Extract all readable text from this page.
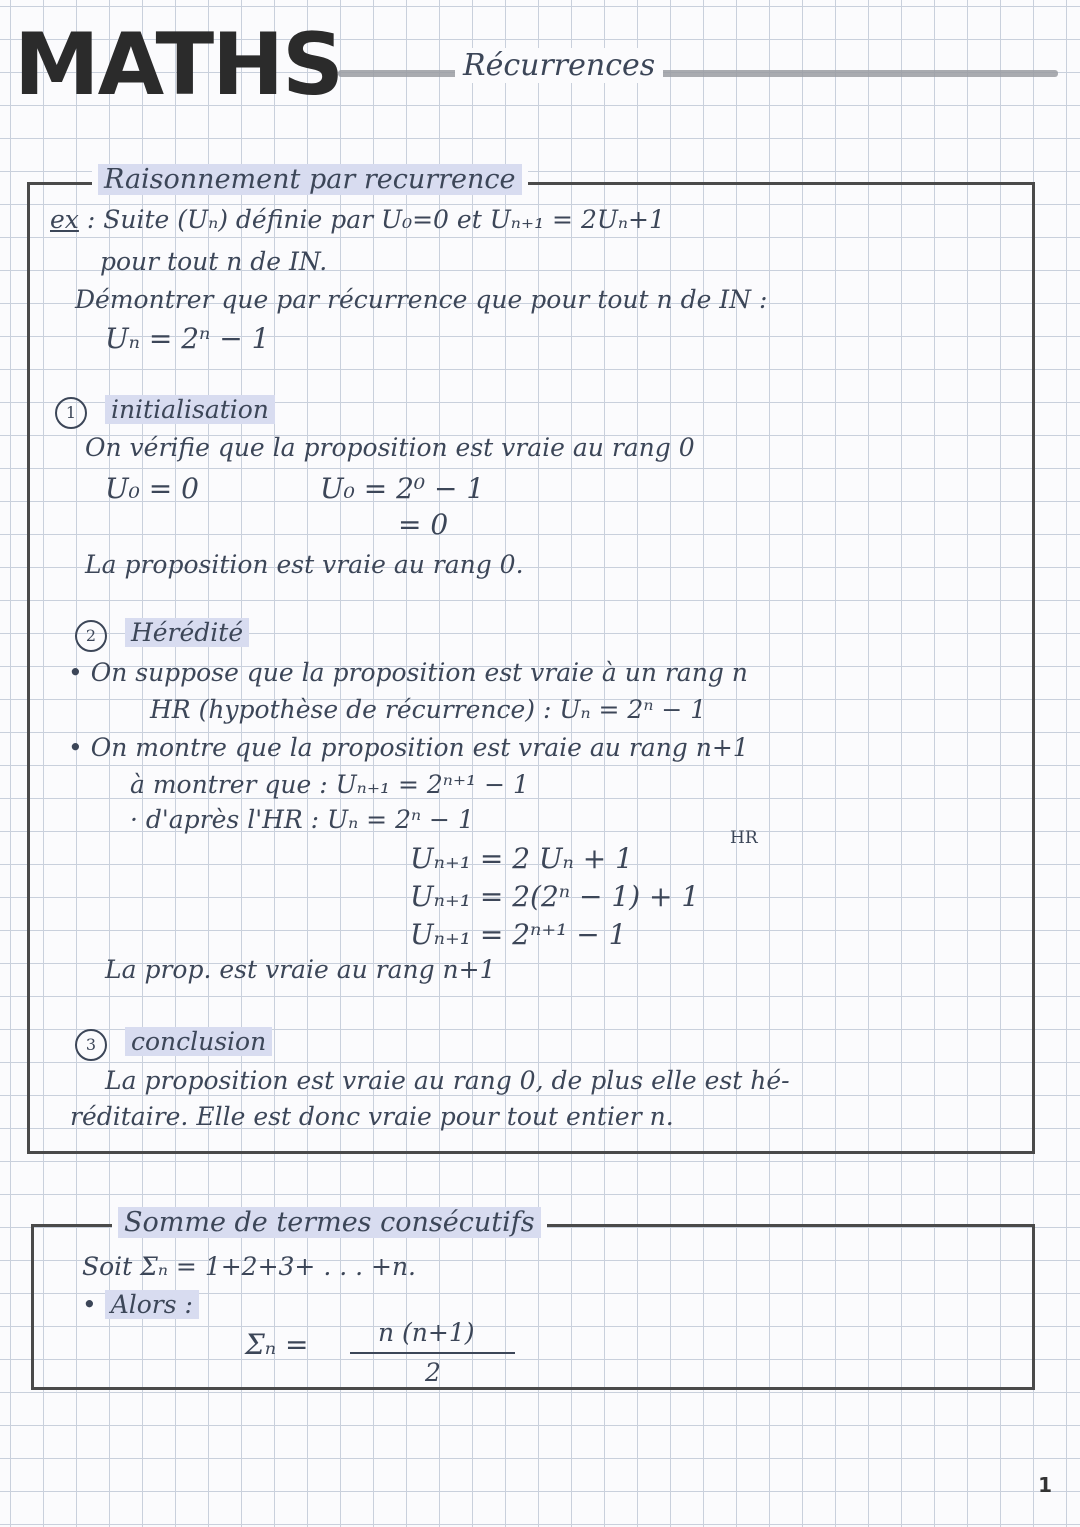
MATHS	Récurrences
Raisonnement par recurrence
ex : Suite (Uₙ) définie par U₀=0 et Uₙ₊₁ = 2Uₙ+1
pour tout n de IN.
Démontrer que par récurrence que pour tout n de IN :
Uₙ = 2ⁿ − 1
1 initialisation
On vérifie que la proposition est vraie au rang 0
U₀ = 0	U₀ = 2⁰ − 1
= 0
La proposition est vraie au rang 0.
2 Hérédité
• On suppose que la proposition est vraie à un rang n
HR (hypothèse de récurrence) : Uₙ = 2ⁿ − 1
• On montre que la proposition est vraie au rang n+1
à montrer que : Uₙ₊₁ = 2ⁿ⁺¹ − 1
· d'après l'HR : Uₙ = 2ⁿ − 1
HR
Uₙ₊₁ = 2 Uₙ + 1
Uₙ₊₁ = 2(2ⁿ − 1) + 1
Uₙ₊₁ = 2ⁿ⁺¹ − 1
La prop. est vraie au rang n+1
3 conclusion
La proposition est vraie au rang 0, de plus elle est hé-
réditaire. Elle est donc vraie pour tout entier n.
Somme de termes consécutifs
Soit Σₙ = 1+2+3+ . . . +n.
• Alors :
Σₙ =	n (n+1)
2
1
